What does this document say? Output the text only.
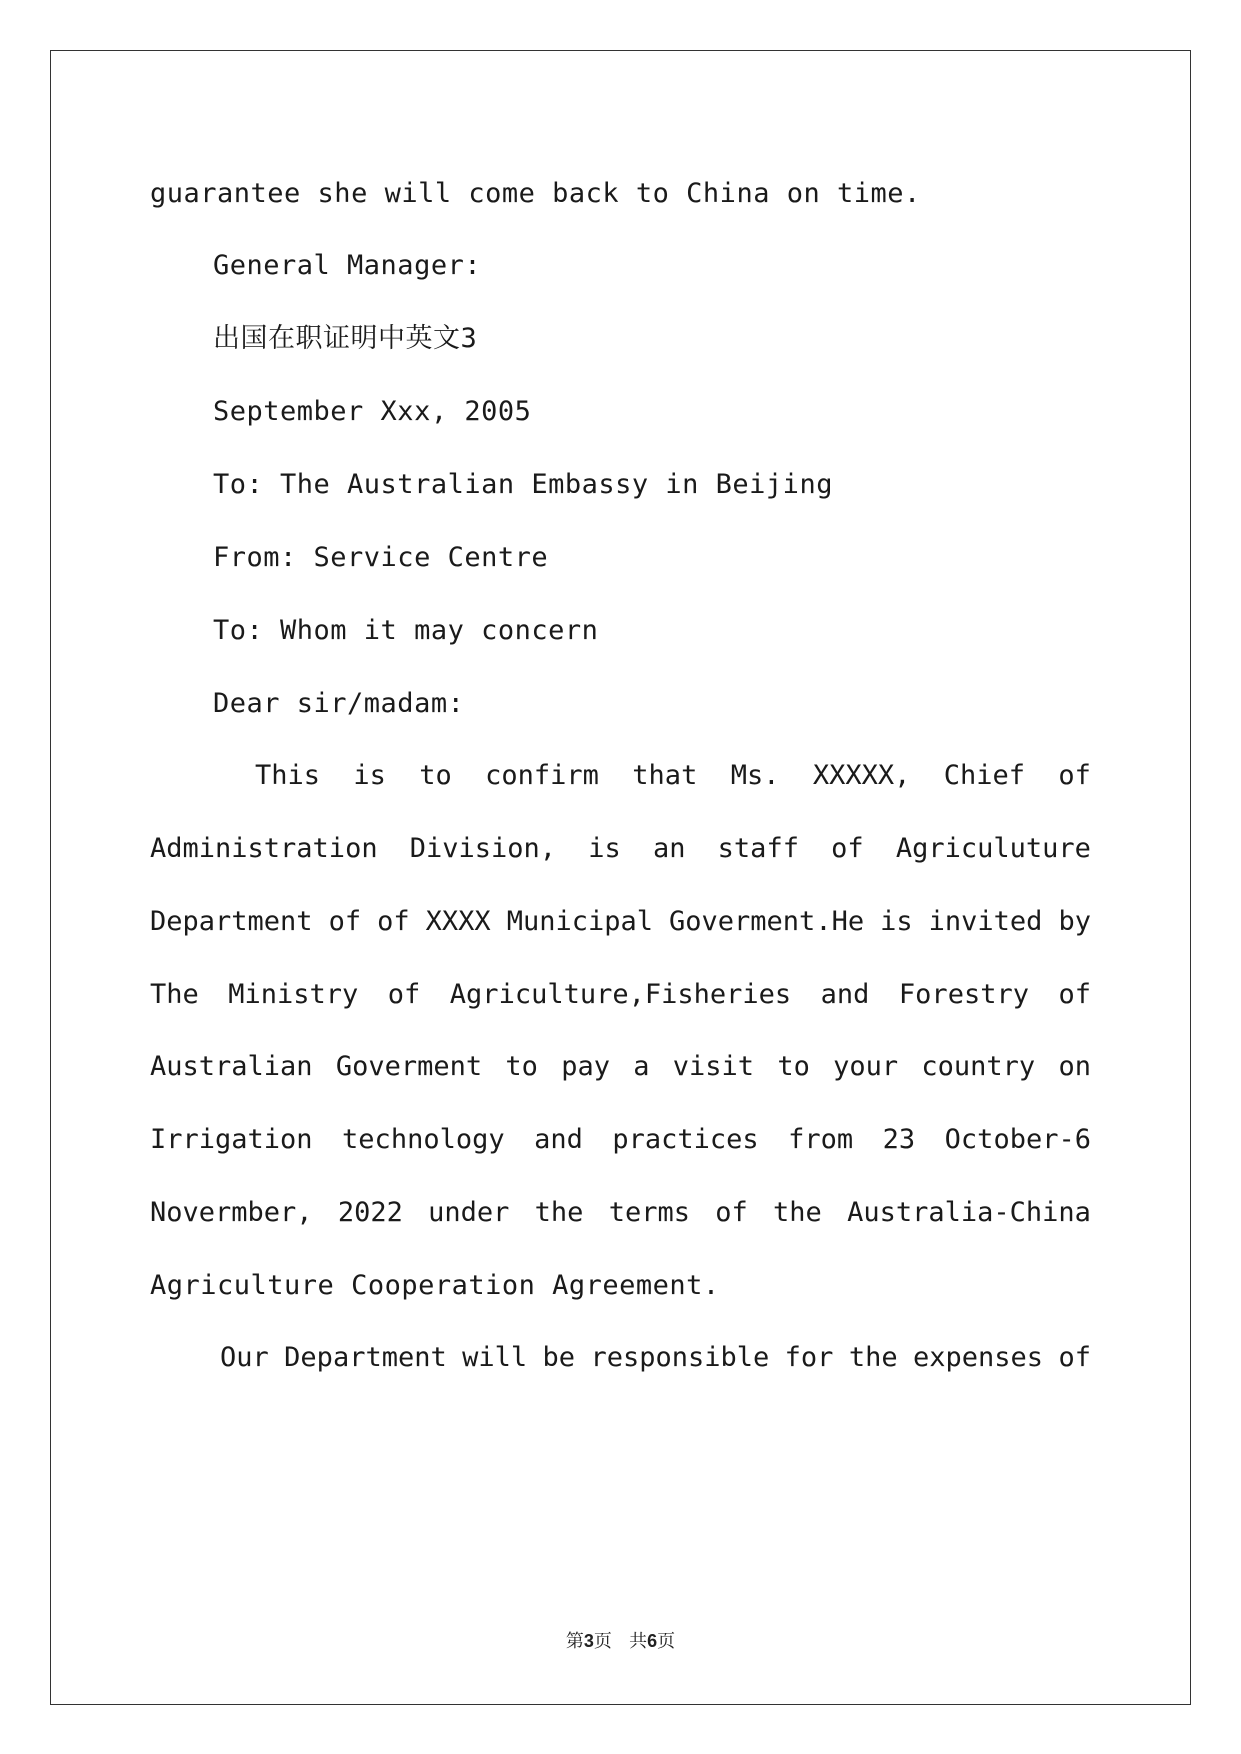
guarantee she will come back to China on time.
General Manager:
出国在职证明中英文3
September Xxx, 2005
To: The Australian Embassy in Beijing
From: Service Centre
To: Whom it may concern
Dear sir/madam:
This is to confirm that Ms. XXXXX, Chief of
Administration Division, is an staff of Agriculuture
Department of of XXXX Municipal Goverment.He is invited by
The Ministry of Agriculture,Fisheries and Forestry of
Australian Goverment to pay a visit to your country on
Irrigation technology and practices from 23 October-6
Novermber, 2022 under the terms of the Australia-China
Agriculture Cooperation Agreement.
Our Department will be responsible for the expenses of
第3页   共6页
